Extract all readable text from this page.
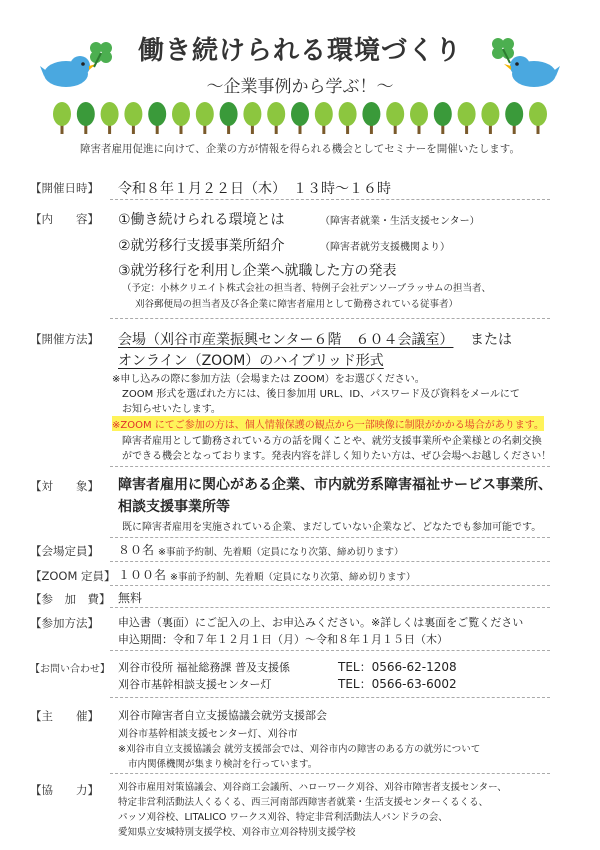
働き続けられる環境づくり
～企業事例から学ぶ！～
障害者雇用促進に向けて、企業の方が情報を得られる機会としてセミナーを開催いたします。
【開催日時】	令和８年１月２２日（木）　１３時～１６時
【内　　容】	①働き続けられる環境とは	（障害者就業・生活支援センター）
②就労移行支援事業所紹介	（障害者就労支援機関より）
③就労移行を利用し企業へ就職した方の発表
（予定：小林クリエイト株式会社の担当者、特例子会社デンソーブラッサムの担当者、
刈谷郵便局の担当者及び各企業に障害者雇用として勤務されている従事者）
【開催方法】	会場（刈谷市産業振興センター６階　６０４会議室） または
オンライン（ZOOM）のハイブリッド形式
※申し込みの際に参加方法（会場または ZOOM）をお選びください。
ZOOM 形式を選ばれた方には、後日参加用 URL、ID、パスワード及び資料をメールにて
お知らせいたします。
※ZOOM にてご参加の方は、個人情報保護の観点から一部映像に制限がかかる場合があります。
障害者雇用として勤務されている方の話を聞くことや、就労支援事業所や企業様との名刺交換
ができる機会となっております。発表内容を詳しく知りたい方は、ぜひ会場へお越しください！
【対　　象】	障害者雇用に関心がある企業、市内就労系障害福祉サービス事業所、
相談支援事業所等
既に障害者雇用を実施されている企業、まだしていない企業など、どなたでも参加可能です。
【会場定員】	８０名 ※事前予約制、先着順（定員になり次第、締め切ります）
【ZOOM 定員】 １００名 ※事前予約制、先着順（定員になり次第、締め切ります）
【参　加　費】 無料
【参加方法】	申込書（裏面）にご記入の上、お申込みください。※詳しくは裏面をご覧ください
申込期間：令和７年１２月１日（月）～令和８年１月１５日（木）
【お問い合わせ】 刈谷市役所 福祉総務課 普及支援係	TEL：0566-62-1208
刈谷市基幹相談支援センター灯	TEL：0566-63-6002
【主　　催】	刈谷市障害者自立支援協議会就労支援部会
刈谷市基幹相談支援センター灯、刈谷市
※刈谷市自立支援協議会 就労支援部会では、刈谷市内の障害のある方の就労について
市内関係機関が集まり検討を行っています。
【協　　力】	刈谷市雇用対策協議会、刈谷商工会議所、ハローワーク刈谷、刈谷市障害者支援センター、
特定非営利活動法人くるくる、西三河南部西障害者就業・生活支援センターくるくる、
パッソ刈谷校、LITALICO ワークス刈谷、特定非営利活動法人パンドラの会、
愛知県立安城特別支援学校、刈谷市立刈谷特別支援学校
